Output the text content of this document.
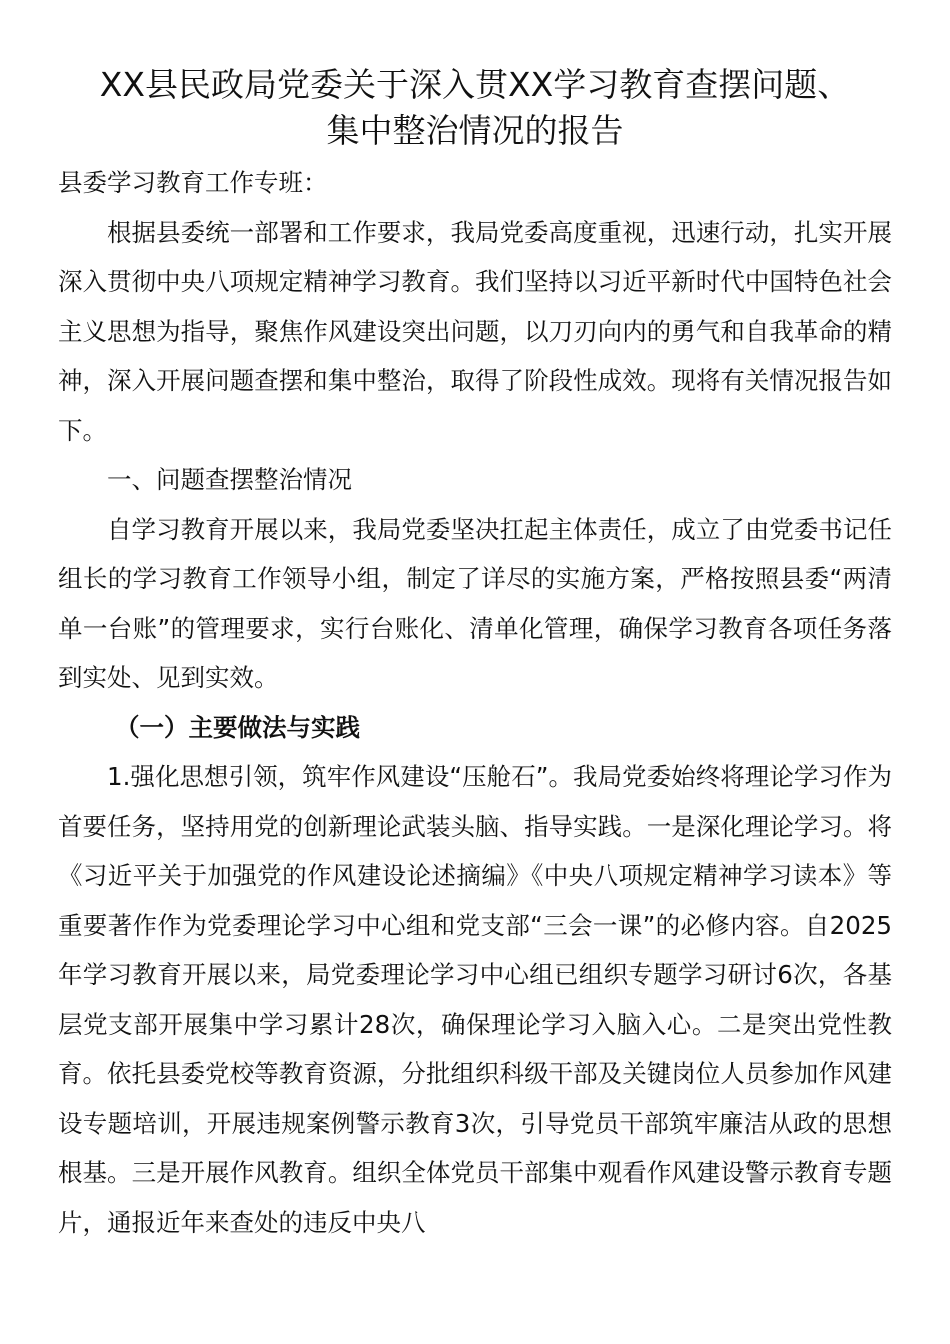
XX县民政局党委关于深入贯XX学习教育查摆问题、
集中整治情况的报告

县委学习教育工作专班：

根据县委统一部署和工作要求，我局党委高度重视，迅速行动，扎实开展深入贯彻中央八项规定精神学习教育。我们坚持以习近平新时代中国特色社会主义思想为指导，聚焦作风建设突出问题，以刀刃向内的勇气和自我革命的精神，深入开展问题查摆和集中整治，取得了阶段性成效。现将有关情况报告如下。

一、问题查摆整治情况

自学习教育开展以来，我局党委坚决扛起主体责任，成立了由党委书记任组长的学习教育工作领导小组，制定了详尽的实施方案，严格按照县委“两清单一台账”的管理要求，实行台账化、清单化管理，确保学习教育各项任务落到实处、见到实效。

（一）主要做法与实践

1.强化思想引领，筑牢作风建设“压舱石”。我局党委始终将理论学习作为首要任务，坚持用党的创新理论武装头脑、指导实践。一是深化理论学习。将《习近平关于加强党的作风建设论述摘编》《中央八项规定精神学习读本》等重要著作作为党委理论学习中心组和党支部“三会一课”的必修内容。自2025年学习教育开展以来，局党委理论学习中心组已组织专题学习研讨6次，各基层党支部开展集中学习累计28次，确保理论学习入脑入心。二是突出党性教育。依托县委党校等教育资源，分批组织科级干部及关键岗位人员参加作风建设专题培训，开展违规案例警示教育3次，引导党员干部筑牢廉洁从政的思想根基。三是开展作风教育。组织全体党员干部集中观看作风建设警示教育专题片，通报近年来查处的违反中央八
